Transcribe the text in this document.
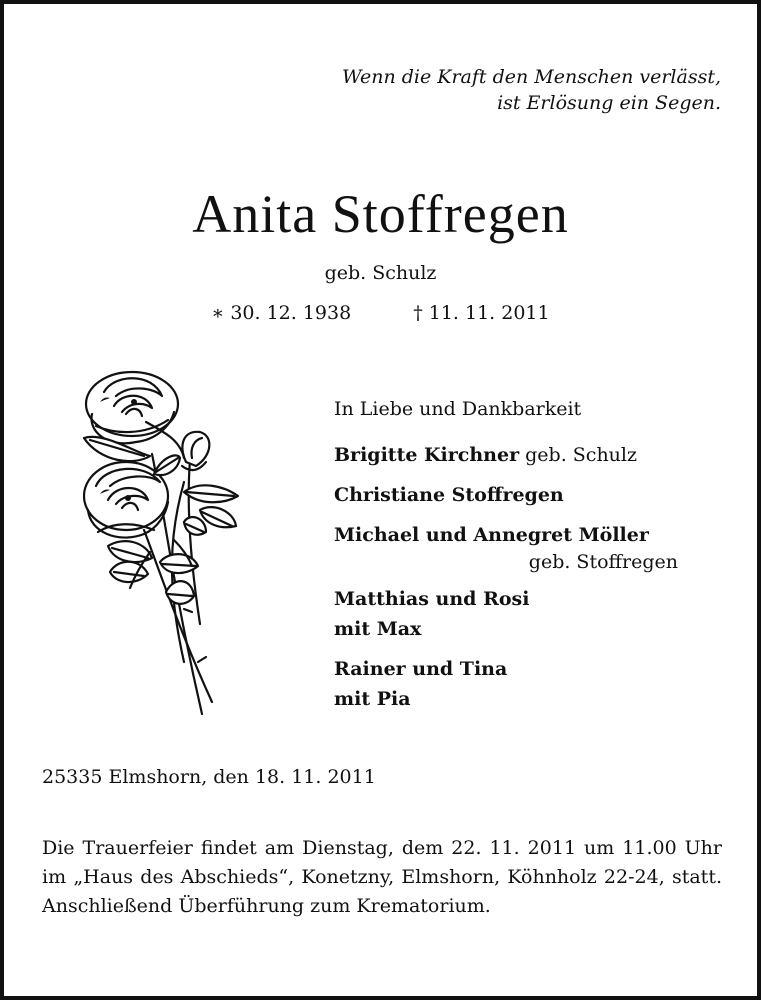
Wenn die Kraft den Menschen verlässt,
ist Erlösung ein Segen.
Anita Stoffregen
geb. Schulz
∗ 30. 12. 1938	† 11. 11. 2011
In Liebe und Dankbarkeit
Brigitte Kirchner geb. Schulz
Christiane Stoffregen
Michael und Annegret Möller
geb. Stoffregen
Matthias und Rosi
mit Max
Rainer und Tina
mit Pia
25335 Elmshorn, den 18. 11. 2011
Die Trauerfeier findet am Dienstag, dem 22. 11. 2011 um 11.00 Uhr im „Haus des Abschieds“, Konetzny, Elmshorn, Köhnholz 22-24, statt. Anschließend Überführung zum Krematorium.
